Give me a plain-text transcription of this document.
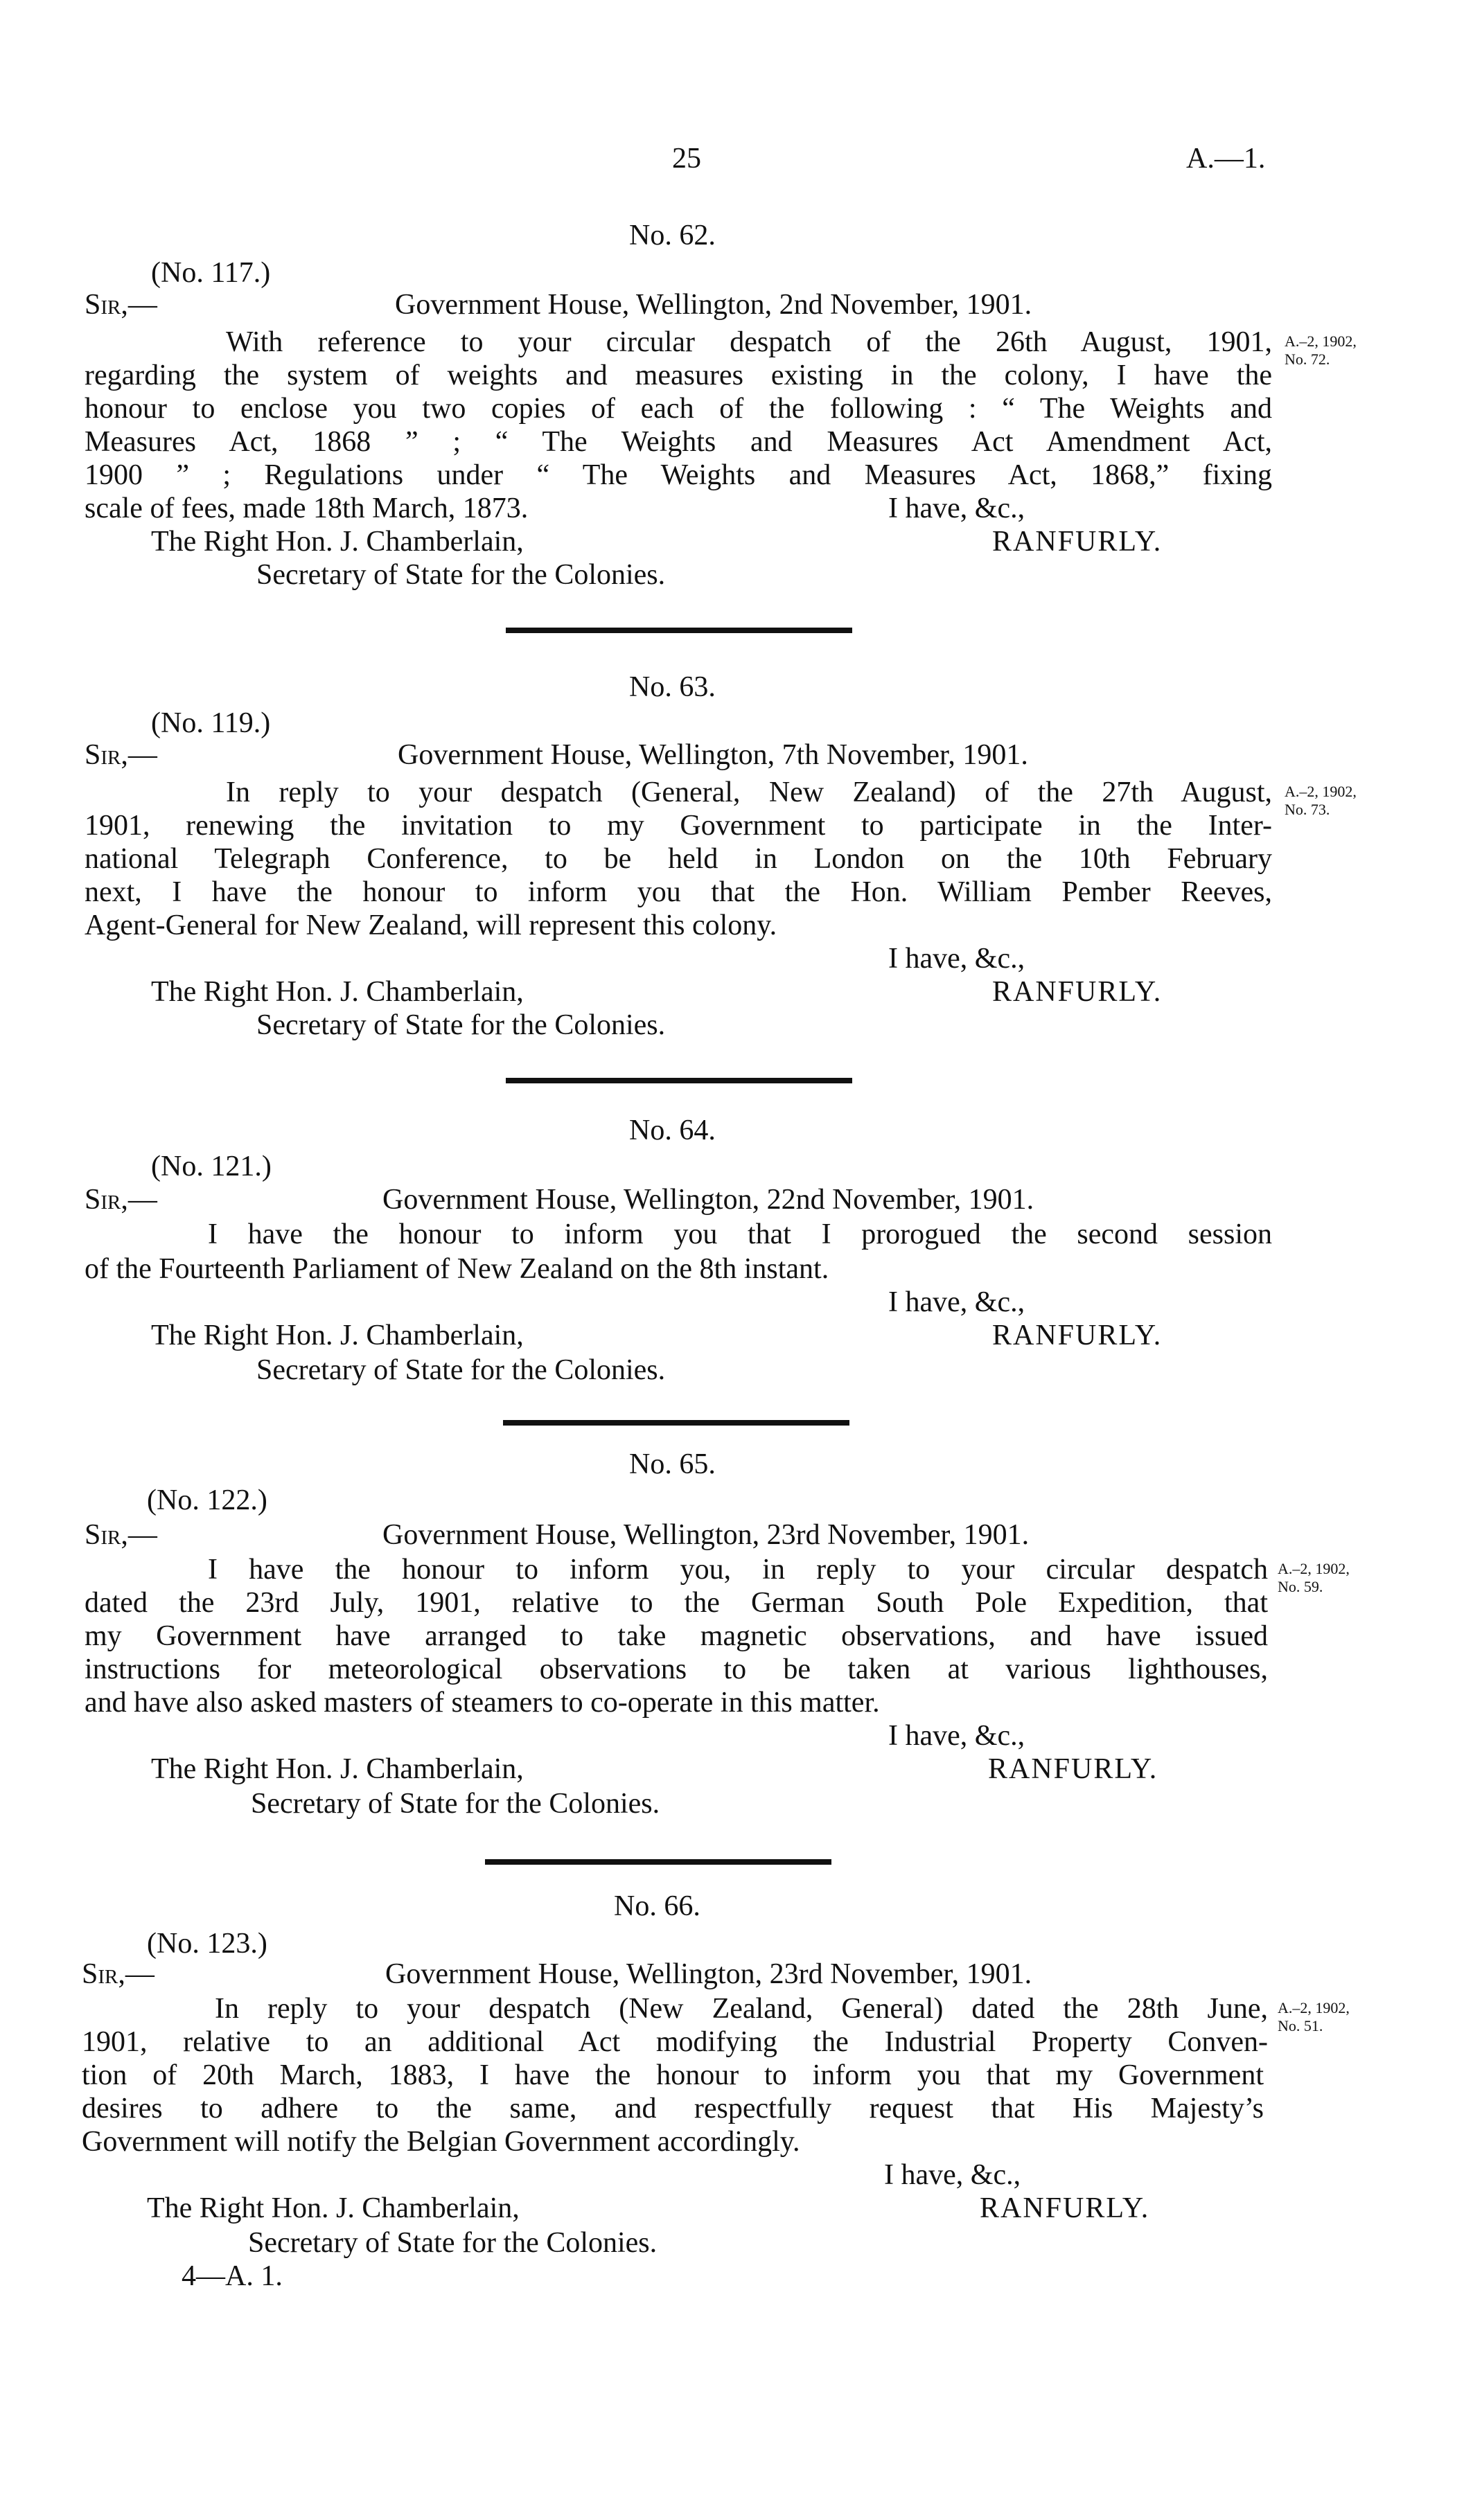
25	A.—1.
No. 62.
(No. 117.)
Sir,—	Government House, Wellington, 2nd November, 1901.
With reference to your circular despatch of the 26th August, 1901,
regarding the system of weights and measures existing in the colony, I have the
honour to enclose you two copies of each of the following : “ The Weights and
Measures Act, 1868 ” ; “ The Weights and Measures Act Amendment Act,
1900 ” ; Regulations under “ The Weights and Measures Act, 1868,” fixing
scale of fees, made 18th March, 1873.	I have, &c.,
The Right Hon. J. Chamberlain,	RANFURLY.
Secretary of State for the Colonies.
A.–2, 1902,
No. 72.
No. 63.
(No. 119.)
Sir,—	Government House, Wellington, 7th November, 1901.
In reply to your despatch (General, New Zealand) of the 27th August,
1901, renewing the invitation to my Government to participate in the Inter-
national Telegraph Conference, to be held in London on the 10th February
next, I have the honour to inform you that the Hon. William Pember Reeves,
Agent-General for New Zealand, will represent this colony.
I have, &c.,
The Right Hon. J. Chamberlain,	RANFURLY.
Secretary of State for the Colonies.
A.–2, 1902,
No. 73.
No. 64.
(No. 121.)
Sir,—	Government House, Wellington, 22nd November, 1901.
I have the honour to inform you that I prorogued the second session
of the Fourteenth Parliament of New Zealand on the 8th instant.
I have, &c.,
The Right Hon. J. Chamberlain,	RANFURLY.
Secretary of State for the Colonies.
No. 65.
(No. 122.)
Sir,—	Government House, Wellington, 23rd November, 1901.
I have the honour to inform you, in reply to your circular despatch
dated the 23rd July, 1901, relative to the German South Pole Expedition, that
my Government have arranged to take magnetic observations, and have issued
instructions for meteorological observations to be taken at various lighthouses,
and have also asked masters of steamers to co-operate in this matter.
I have, &c.,
The Right Hon. J. Chamberlain,	RANFURLY.
Secretary of State for the Colonies.
A.–2, 1902,
No. 59.
No. 66.
(No. 123.)
Sir,—	Government House, Wellington, 23rd November, 1901.
In reply to your despatch (New Zealand, General) dated the 28th June,
1901, relative to an additional Act modifying the Industrial Property Conven-
tion of 20th March, 1883, I have the honour to inform you that my Government
desires to adhere to the same, and respectfully request that His Majesty’s
Government will notify the Belgian Government accordingly.
I have, &c.,
The Right Hon. J. Chamberlain,	RANFURLY.
Secretary of State for the Colonies.
A.–2, 1902,
No. 51.
4—A. 1.
